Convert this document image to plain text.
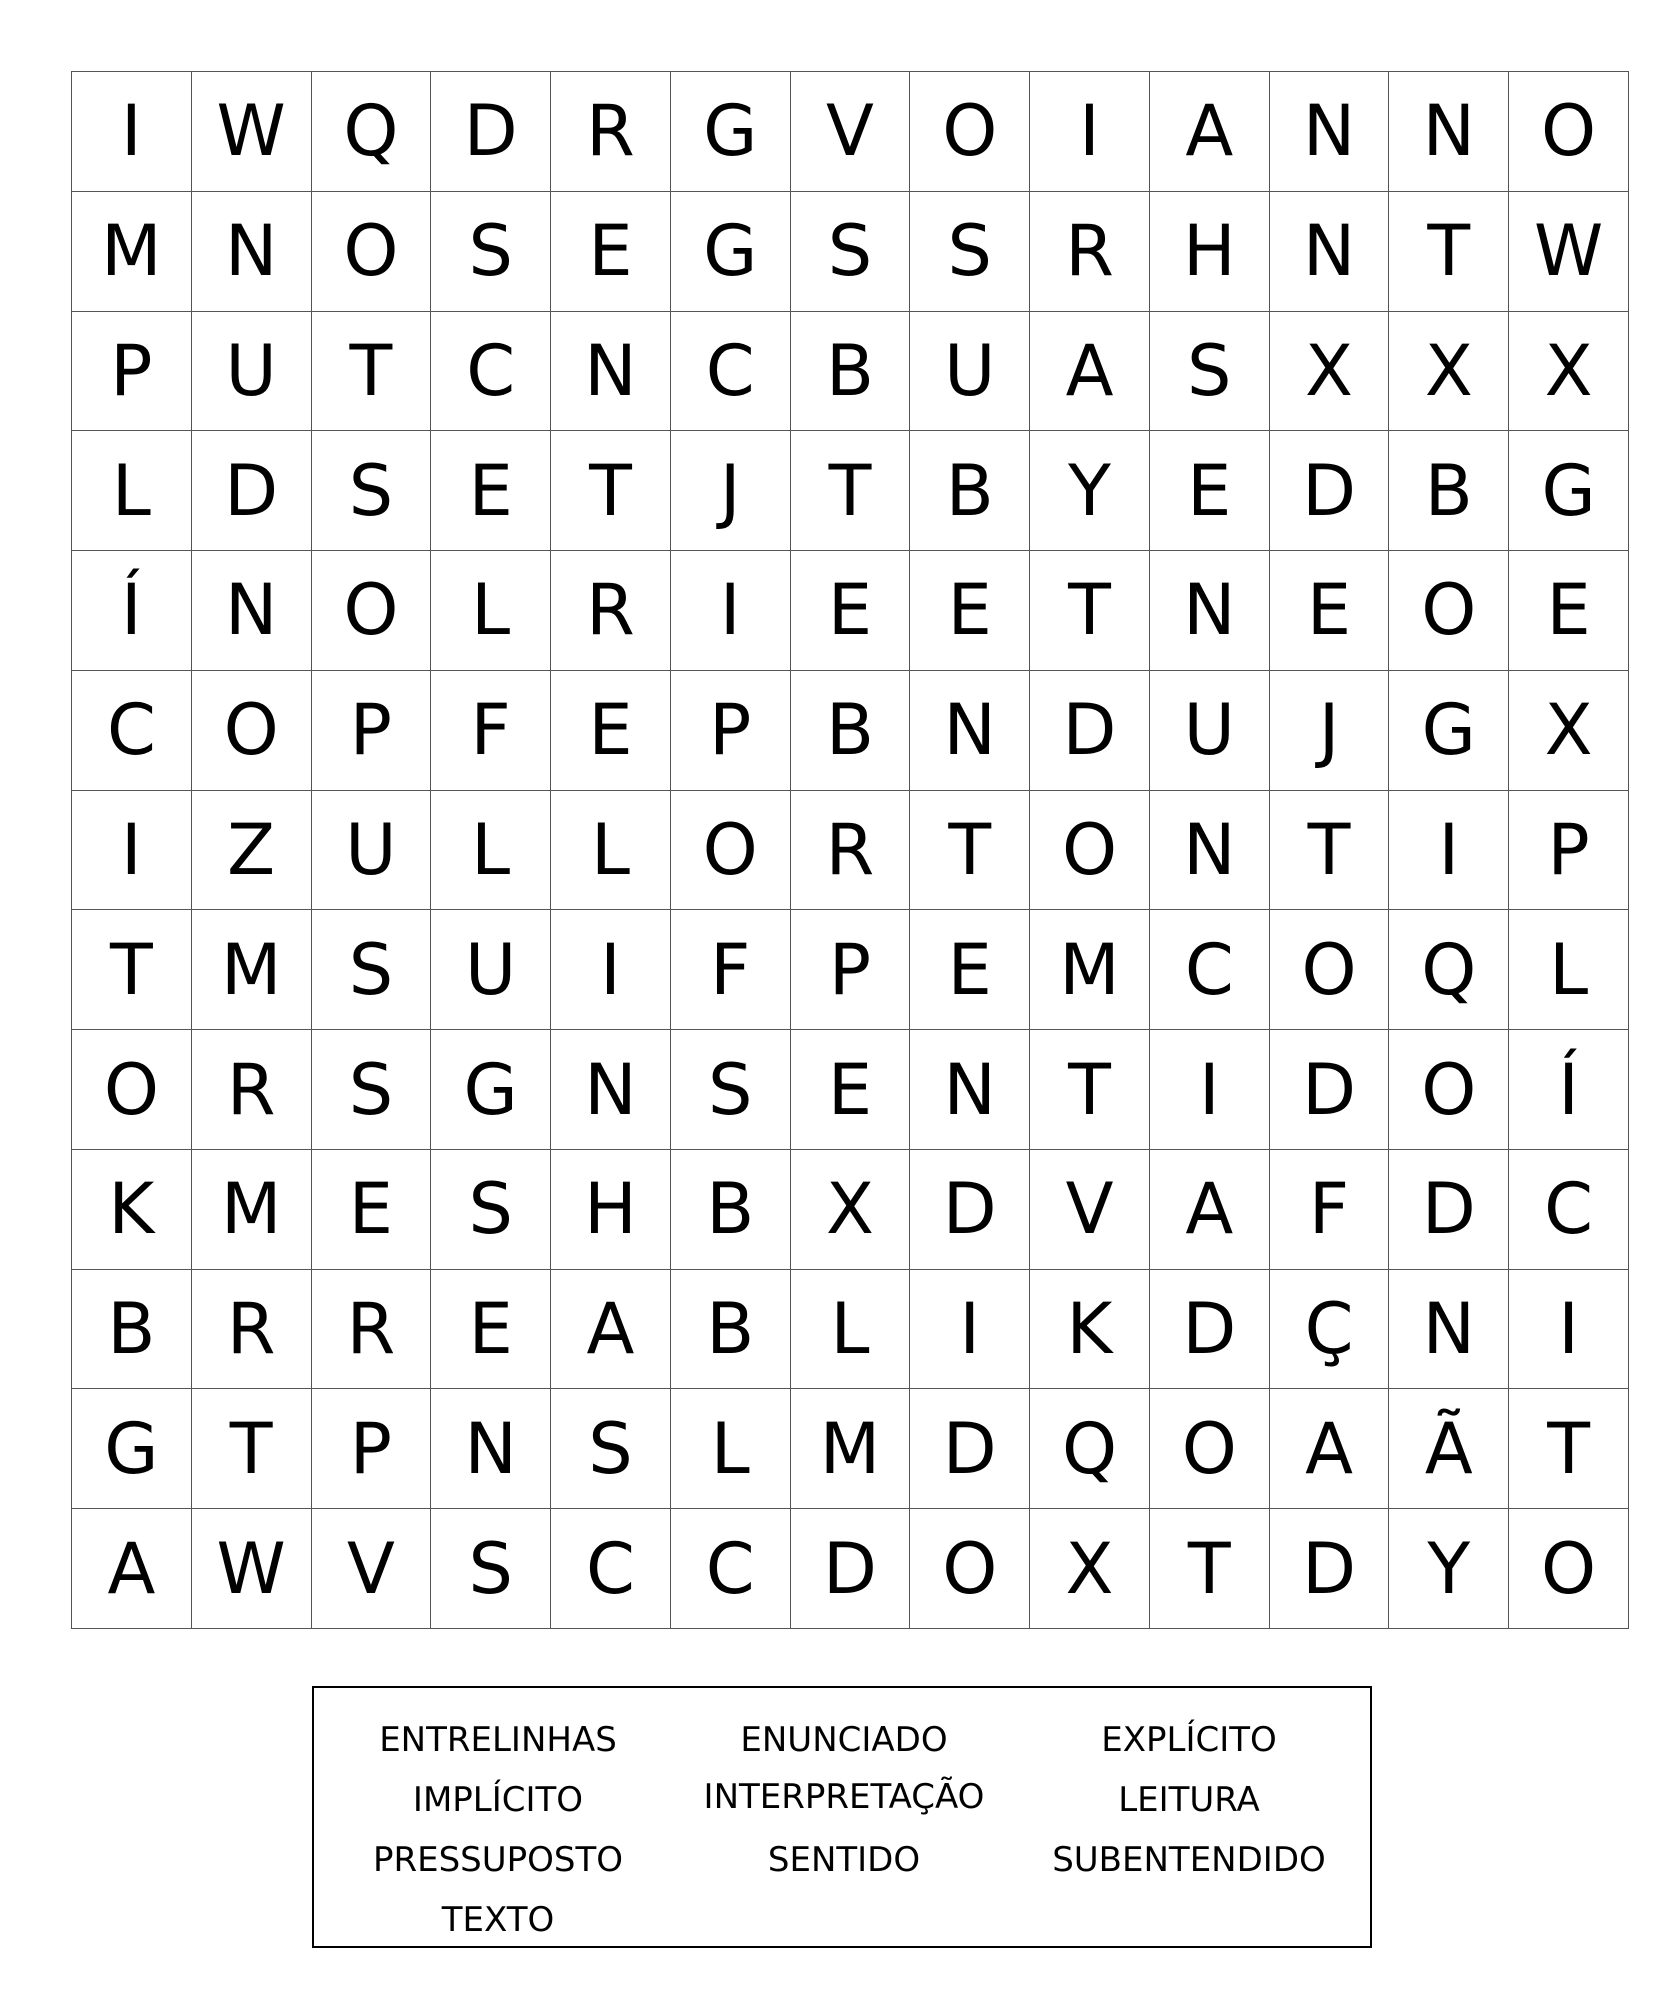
I	W	Q	D	R	G	V	O	I	A	N	N	O
M	N	O	S	E	G	S	S	R	H	N	T	W
P	U	T	C	N	C	B	U	A	S	X	X	X
L	D	S	E	T	J	T	B	Y	E	D	B	G
Í	N	O	L	R	I	E	E	T	N	E	O	E
C	O	P	F	E	P	B	N	D	U	J	G	X
I	Z	U	L	L	O	R	T	O	N	T	I	P
T	M	S	U	I	F	P	E	M	C	O	Q	L
O	R	S	G	N	S	E	N	T	I	D	O	Í
K	M	E	S	H	B	X	D	V	A	F	D	C
B	R	R	E	A	B	L	I	K	D	Ç	N	I
G	T	P	N	S	L	M	D	Q	O	A	Ã	T
A	W	V	S	C	C	D	O	X	T	D	Y	O
ENTRELINHAS	ENUNCIADO	EXPLÍCITO
IMPLÍCITO	INTERPRETAÇÃO	LEITURA
PRESSUPOSTO	SENTIDO	SUBENTENDIDO
TEXTO
